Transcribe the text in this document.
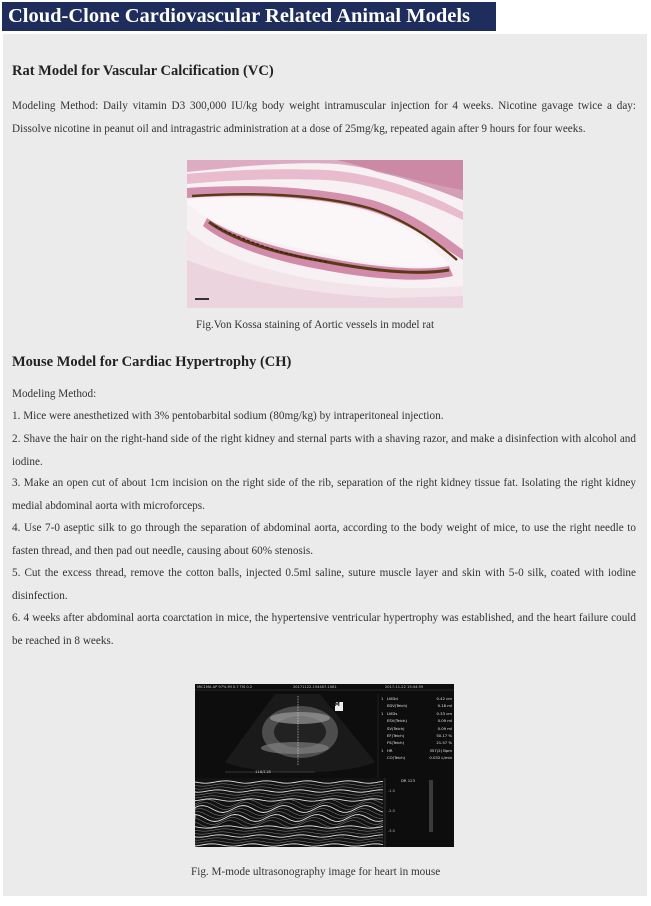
Cloud-Clone Cardiovascular Related Animal Models
Rat Model for Vascular Calcification (VC)
Modeling Method: Daily vitamin D3 300,000 IU/kg body weight intramuscular injection for 4 weeks. Nicotine gavage twice a day: Dissolve nicotine in peanut oil and intragastric administration at a dose of 25mg/kg, repeated again after 9 hours for four weeks.
Fig.Von Kossa staining of Aortic vessels in model rat
Mouse Model for Cardiac Hypertrophy (CH)
Modeling Method:
1. Mice were anesthetized with 3% pentobarbital sodium (80mg/kg) by intraperitoneal injection.
2. Shave the hair on the right-hand side of the right kidney and sternal parts with a shaving razor, and make a disinfection with alcohol and iodine.
3. Make an open cut of about 1cm incision on the right side of the rib, separation of the right kidney tissue fat. Isolating the right kidney medial abdominal aorta with microforceps.
4. Use 7-0 aseptic silk to go through the separation of abdominal aorta, according to the body weight of mice, to use the right needle to fasten thread, and then pad out needle, causing about 60% stenosis.
5. Cut the excess thread, remove the cotton balls, injected 0.5ml saline, suture muscle layer and skin with 5-0 silk, coated with iodine disinfection.
6. 4 weeks after abdominal aorta coarctation in mice, the hypertensive ventricular hypertrophy was established, and the heart failure could be reached in 8 weeks.
MIC1MA AP 97% MI 0.7 TIS 0.2	20171122-154407-1081	2017-11-22 15:44:59
-1.0
-2.0
-3.0
M
118/118
1 LVIDd	0.42 cm
EDV(Teich)	0.18 ml
1 LVIDs	0.33 cm
ESV(Teich)	0.09 ml
SV(Teich)	0.09 ml
EF(Teich)	50.17 %
FS(Teich)	21.57 %
1 HR	357(2) Bpm
CO(Teich)	0.032 L/min
DR 123
Fig. M-mode ultrasonography image for heart in mouse
